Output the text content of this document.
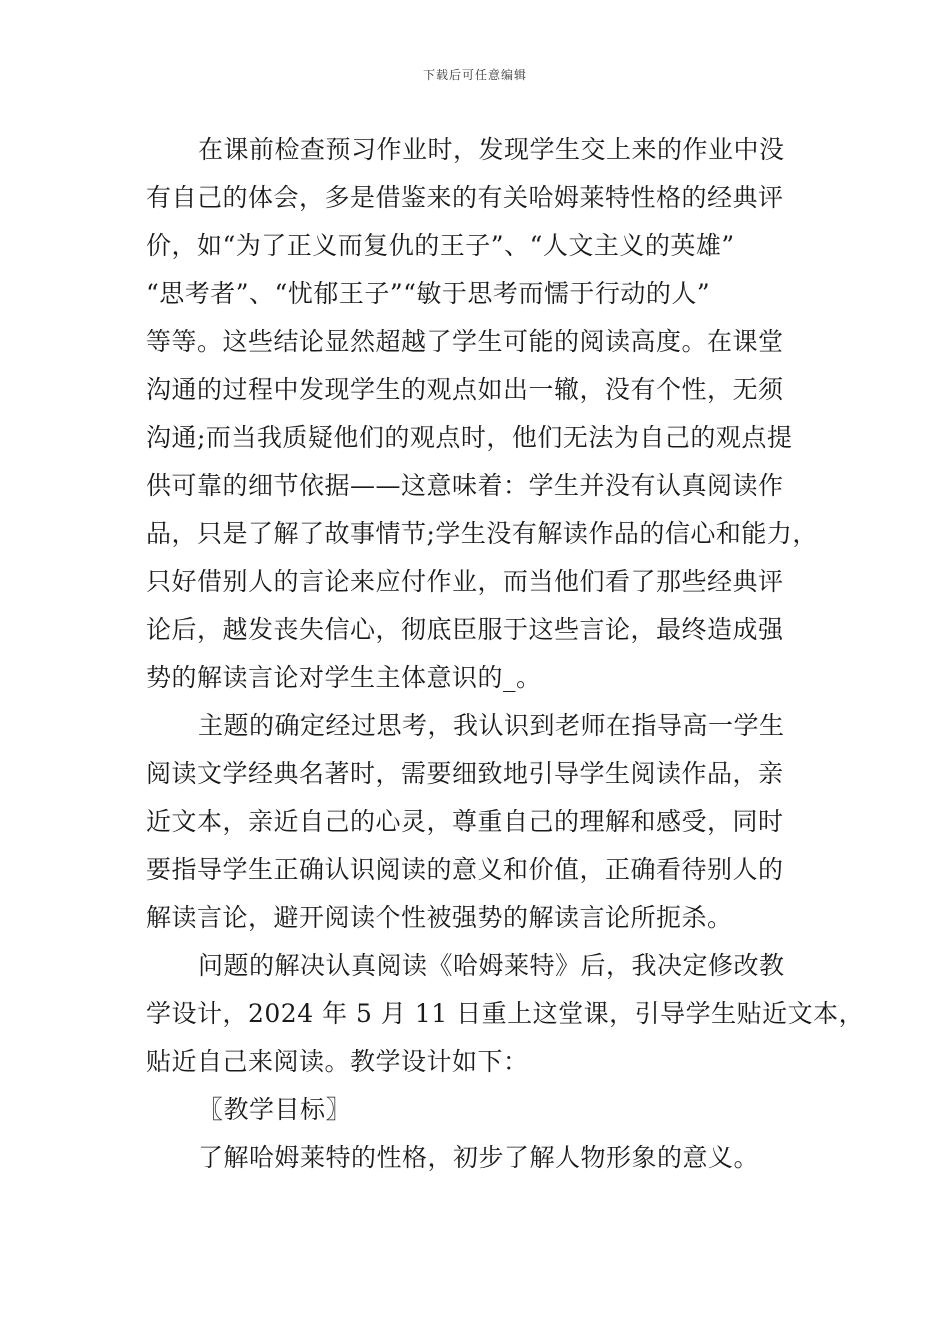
下载后可任意编辑
在课前检查预习作业时，发现学生交上来的作业中没
有自己的体会，多是借鉴来的有关哈姆莱特性格的经典评
价，如“为了正义而复仇的王子”、“人文主义的英雄”
“思考者”、“忧郁王子”“敏于思考而懦于行动的人”
等等。这些结论显然超越了学生可能的阅读高度。在课堂
沟通的过程中发现学生的观点如出一辙，没有个性，无须
沟通;而当我质疑他们的观点时，他们无法为自己的观点提
供可靠的细节依据——这意味着：学生并没有认真阅读作
品，只是了解了故事情节;学生没有解读作品的信心和能力，
只好借别人的言论来应付作业，而当他们看了那些经典评
论后，越发丧失信心，彻底臣服于这些言论，最终造成强
势的解读言论对学生主体意识的_。
主题的确定经过思考，我认识到老师在指导高一学生
阅读文学经典名著时，需要细致地引导学生阅读作品，亲
近文本，亲近自己的心灵，尊重自己的理解和感受，同时
要指导学生正确认识阅读的意义和价值，正确看待别人的
解读言论，避开阅读个性被强势的解读言论所扼杀。
问题的解决认真阅读《哈姆莱特》后，我决定修改教
学设计，2024 年 5 月 11 日重上这堂课，引导学生贴近文本，
贴近自己来阅读。教学设计如下：
〖教学目标〗
了解哈姆莱特的性格，初步了解人物形象的意义。
